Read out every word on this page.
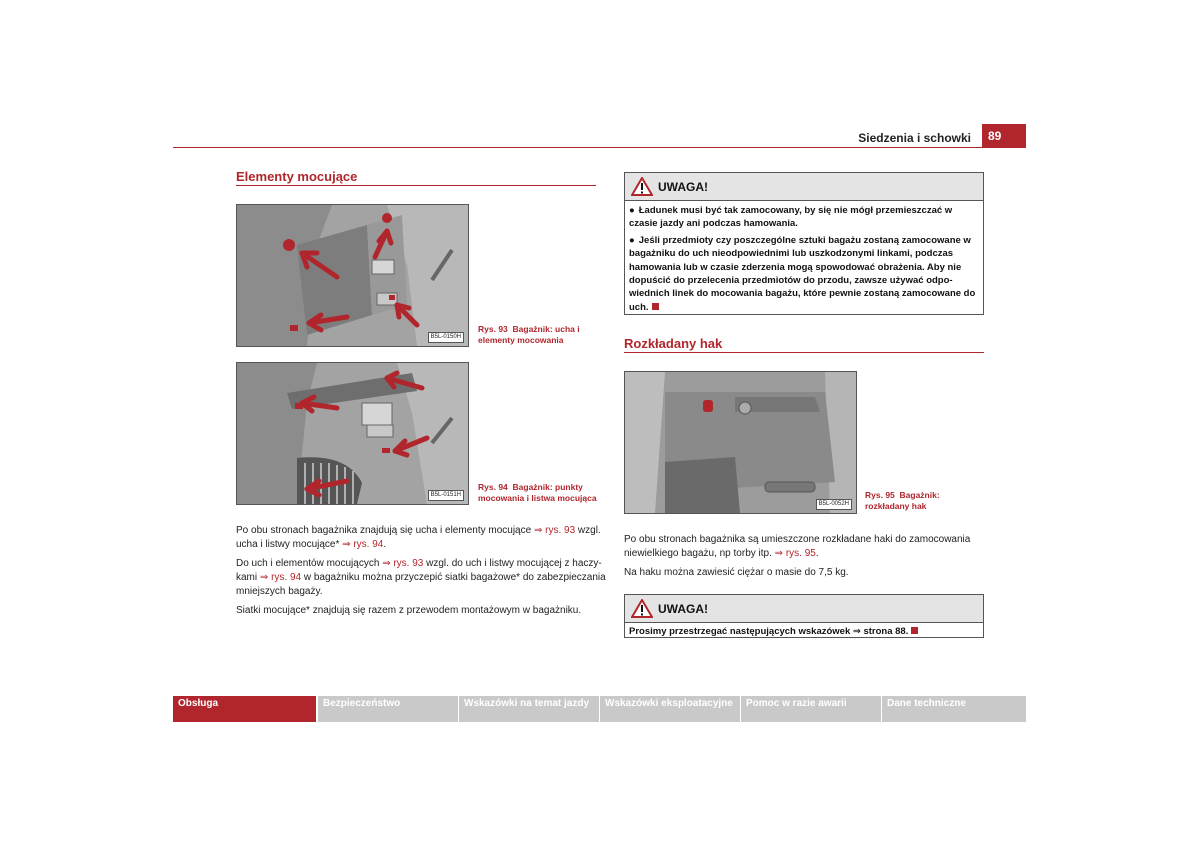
Siedzenia i schowki	89
Elementy mocujące
B5L-0150H
Rys. 93 Bagażnik: ucha i
elementy mocowania
B5L-0151H
Rys. 94 Bagażnik: punkty
mocowania i listwa mocująca
Po obu stronach bagażnika znajdują się ucha i elementy mocujące ⇒ rys. 93 wzgl.
ucha i listwy mocujące* ⇒ rys. 94.
Do uch i elementów mocujących ⇒ rys. 93 wzgl. do uch i listwy mocującej z haczy-
kami ⇒ rys. 94 w bagażniku można przyczepić siatki bagażowe* do zabezpieczania
mniejszych bagaży.
Siatki mocujące* znajdują się razem z przewodem montażowym w bagażniku.
UWAGA!

● Ładunek musi być tak zamocowany, by się nie mógł przemieszczać w czasie jazdy ani podczas hamowania.

● Jeśli przedmioty czy poszczególne sztuki bagażu zostaną zamocowane w bagażniku do uch nieodpowiednimi lub uszkodzonymi linkami, podczas hamowania lub w czasie zderzenia mogą spowodować obrażenia. Aby nie dopuścić do przelecenia przedmiotów do przodu, zawsze używać odpo-wiednich linek do mocowania bagażu, które pewnie zostaną zamocowane do uch.

Rozkładany hak
B5L-0052H
Rys. 95 Bagażnik:
rozkładany hak
Po obu stronach bagażnika są umieszczone rozkładane haki do zamocowania
niewielkiego bagażu, np torby itp. ⇒ rys. 95.
Na haku można zawiesić ciężar o masie do 7,5 kg.
UWAGA!
Prosimy przestrzegać następujących wskazówek ⇒ strona 88.
Obsługa	Bezpieczeństwo	Wskazówki na temat jazdy	Wskazówki eksploatacyjne	Pomoc w razie awarii	Dane techniczne
